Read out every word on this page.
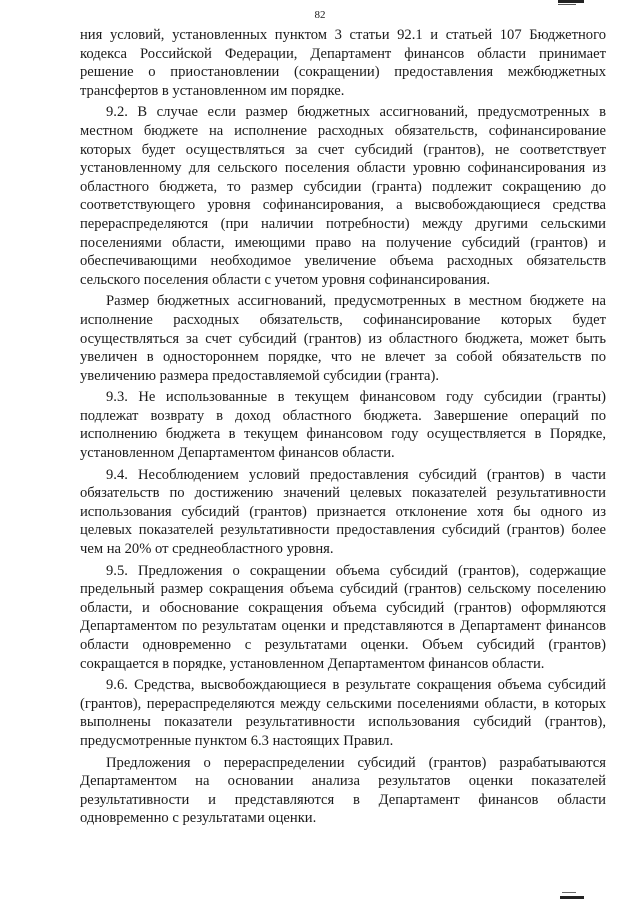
82

ния условий, установленных пунктом 3 статьи 92.1 и статьей 107 Бюджетного кодекса Российской Федерации, Департамент финансов области принимает решение о приостановлении (сокращении) предоставления межбюджетных трансфертов в установленном им порядке.

9.2. В случае если размер бюджетных ассигнований, предусмотренных в местном бюджете на исполнение расходных обязательств, софинансирование которых будет осуществляться за счет субсидий (грантов), не соответствует установленному для сельского поселения области уровню софинансирования из областного бюджета, то размер субсидии (гранта) подлежит сокращению до соответствующего уровня софинансирования, а высвобождающиеся средства перераспределяются (при наличии потребности) между другими сельскими поселениями области, имеющими право на получение субсидий (грантов) и обеспечивающими необходимое увеличение объема расходных обязательств сельского поселения области с учетом уровня софинансирования.

Размер бюджетных ассигнований, предусмотренных в местном бюджете на исполнение расходных обязательств, софинансирование которых будет осуществляться за счет субсидий (грантов) из областного бюджета, может быть увеличен в одностороннем порядке, что не влечет за собой обязательств по увеличению размера предоставляемой субсидии (гранта).

9.3. Не использованные в текущем финансовом году субсидии (гранты) подлежат возврату в доход областного бюджета. Завершение операций по исполнению бюджета в текущем финансовом году осуществляется в Порядке, установленном Департаментом финансов области.

9.4. Несоблюдением условий предоставления субсидий (грантов) в части обязательств по достижению значений целевых показателей результативности использования субсидий (грантов) признается отклонение хотя бы одного из целевых показателей результативности предоставления субсидий (грантов) более чем на 20% от среднеобластного уровня.

9.5. Предложения о сокращении объема субсидий (грантов), содержащие предельный размер сокращения объема субсидий (грантов) сельскому поселению области, и обоснование сокращения объема субсидий (грантов) оформляются Департаментом по результатам оценки и представляются в Департамент финансов области одновременно с результатами оценки. Объем субсидий (грантов) сокращается в порядке, установленном Департаментом финансов области.

9.6. Средства, высвобождающиеся в результате сокращения объема субсидий (грантов), перераспределяются между сельскими поселениями области, в которых выполнены показатели результативности использования субсидий (грантов), предусмотренные пунктом 6.3 настоящих Правил.

Предложения о перераспределении субсидий (грантов) разрабатываются Департаментом на основании анализа результатов оценки показателей результативности и представляются в Департамент финансов области одновременно с результатами оценки.
